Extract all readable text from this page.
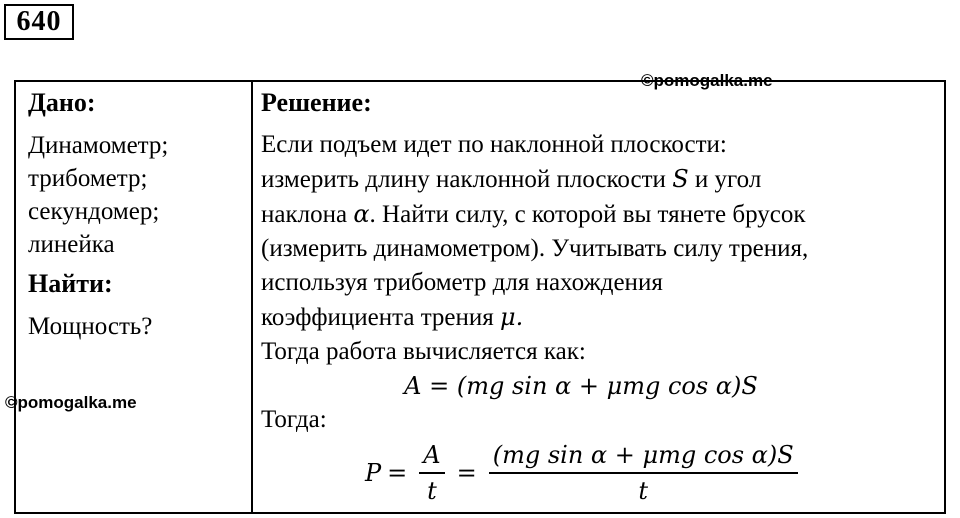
640
©pomogalka.me
Дано:
Динамометр;
трибометр;
секундомер;
линейка
Найти:
Мощность?
Решение:
Если подъем идет по наклонной плоскости:
измерить длину наклонной плоскости S и угол
наклона α. Найти силу, с которой вы тянете брусок
(измерить динамометром). Учитывать силу трения,
используя трибометр для нахождения
коэффициента трения μ.
Тогда работа вычисляется как:
A = (mg sin α + μmg cos α)S
Тогда:
$P = \frac{A}{t} = \frac{\text{(mg sin α + μmg cos α)S}}{t}$
©pomogalka.me
